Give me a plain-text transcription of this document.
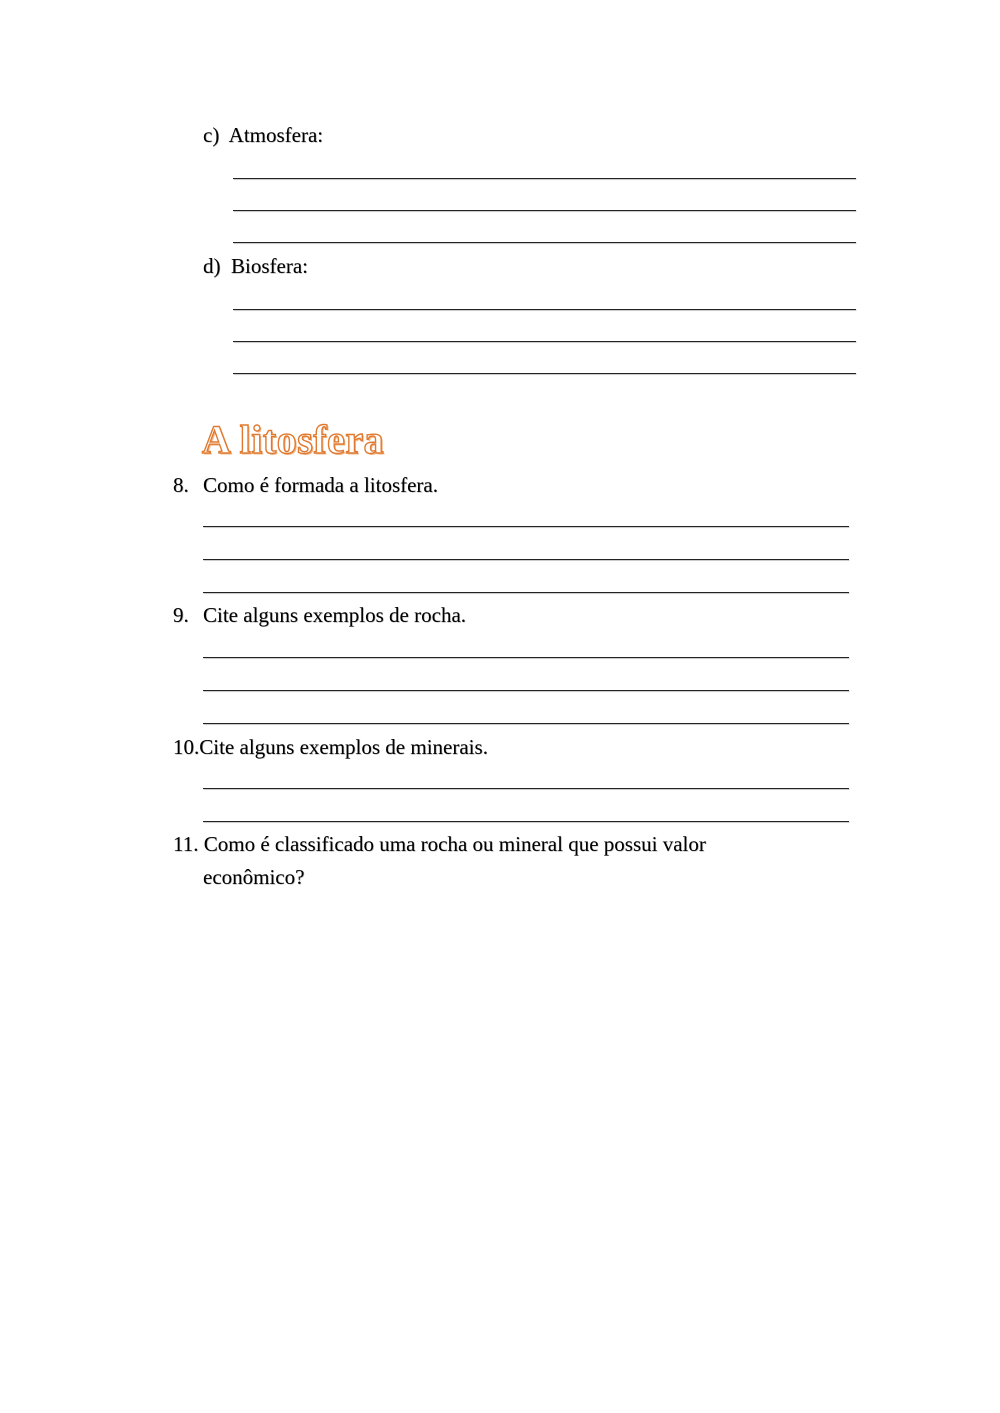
c) Atmosfera:
d) Biosfera:
A litosfera
8. Como é formada a litosfera.
9. Cite alguns exemplos de rocha.
10.Cite alguns exemplos de minerais.
11. Como é classificado uma rocha ou mineral que possui valor
econômico?
